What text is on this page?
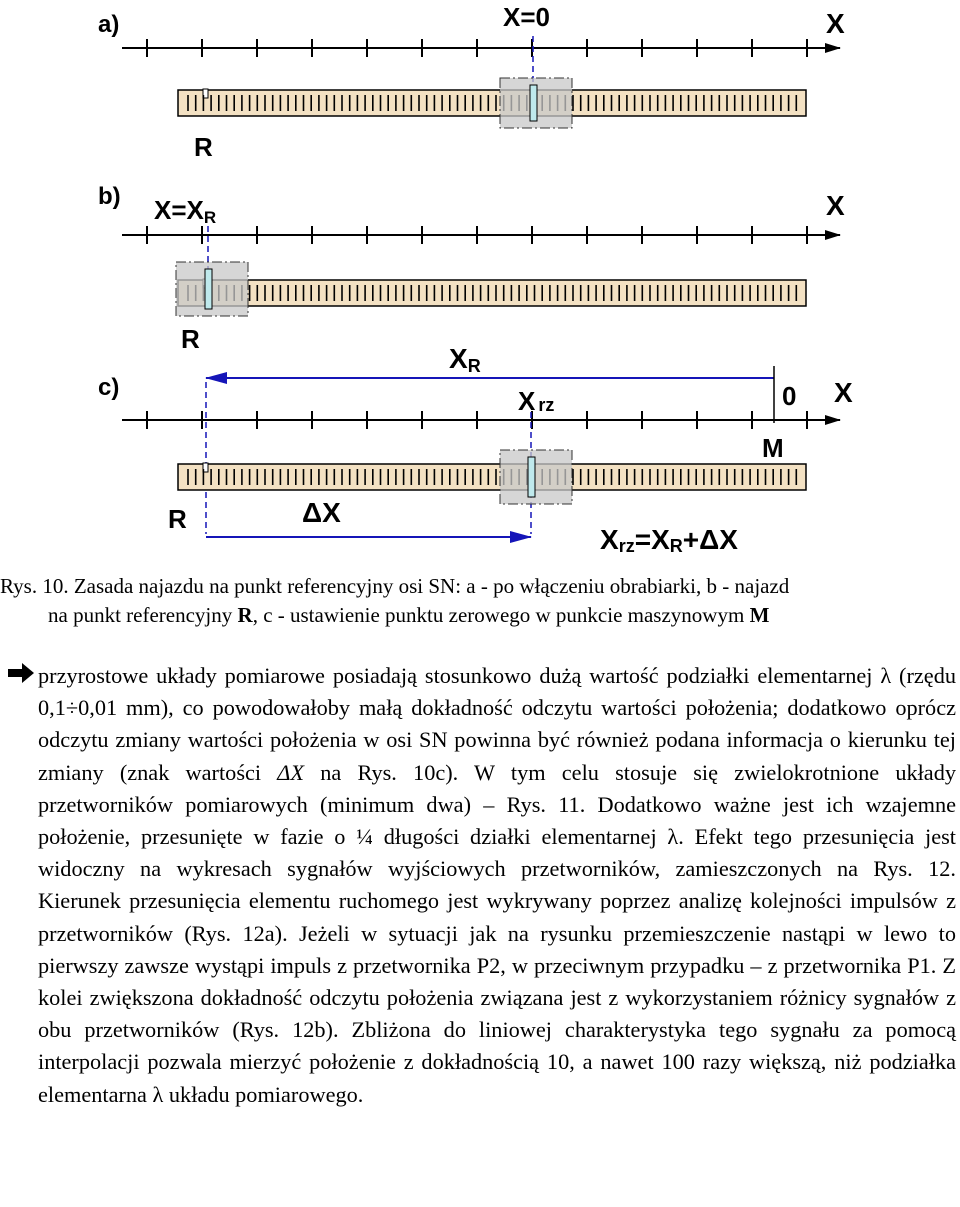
a)	X=0	X
R
b) X=XR	X
R
c)
XR
X rz	0 X
M
R	ΔX
Xrz=XR+ΔX
Rys. 10. Zasada najazdu na punkt referencyjny osi SN: a - po włączeniu obrabiarki, b - najazd
na punkt referencyjny R, c - ustawienie punktu zerowego w punkcie maszynowym M

przyrostowe układy pomiarowe posiadają stosunkowo dużą wartość podziałki elementarnej λ (rzędu 0,1÷0,01 mm), co powodowałoby małą dokładność odczytu wartości położenia; dodatkowo oprócz odczytu zmiany wartości położenia w osi SN powinna być również podana informacja o kierunku tej zmiany (znak wartości ΔX na Rys. 10c). W tym celu stosuje się zwielokrotnione układy przetworników pomiarowych (minimum dwa) – Rys. 11. Dodatkowo ważne jest ich wzajemne położenie, przesunięte w fazie o ¼ długości działki elementarnej λ. Efekt tego przesunięcia jest widoczny na wykresach sygnałów wyjściowych przetworników, zamieszczonych na Rys. 12. Kierunek przesunięcia elementu ruchomego jest wykrywany poprzez analizę kolejności impulsów z przetworników (Rys. 12a). Jeżeli w sytuacji jak na rysunku przemieszczenie nastąpi w lewo to pierwszy zawsze wystąpi impuls z przetwornika P2, w przeciwnym przypadku – z przetwornika P1. Z kolei zwiększona dokładność odczytu położenia związana jest z wykorzystaniem różnicy sygnałów z obu przetworników (Rys. 12b). Zbliżona do liniowej charakterystyka tego sygnału za pomocą interpolacji pozwala mierzyć położenie z dokładnością 10, a nawet 100 razy większą, niż podziałka elementarna λ układu pomiarowego.
